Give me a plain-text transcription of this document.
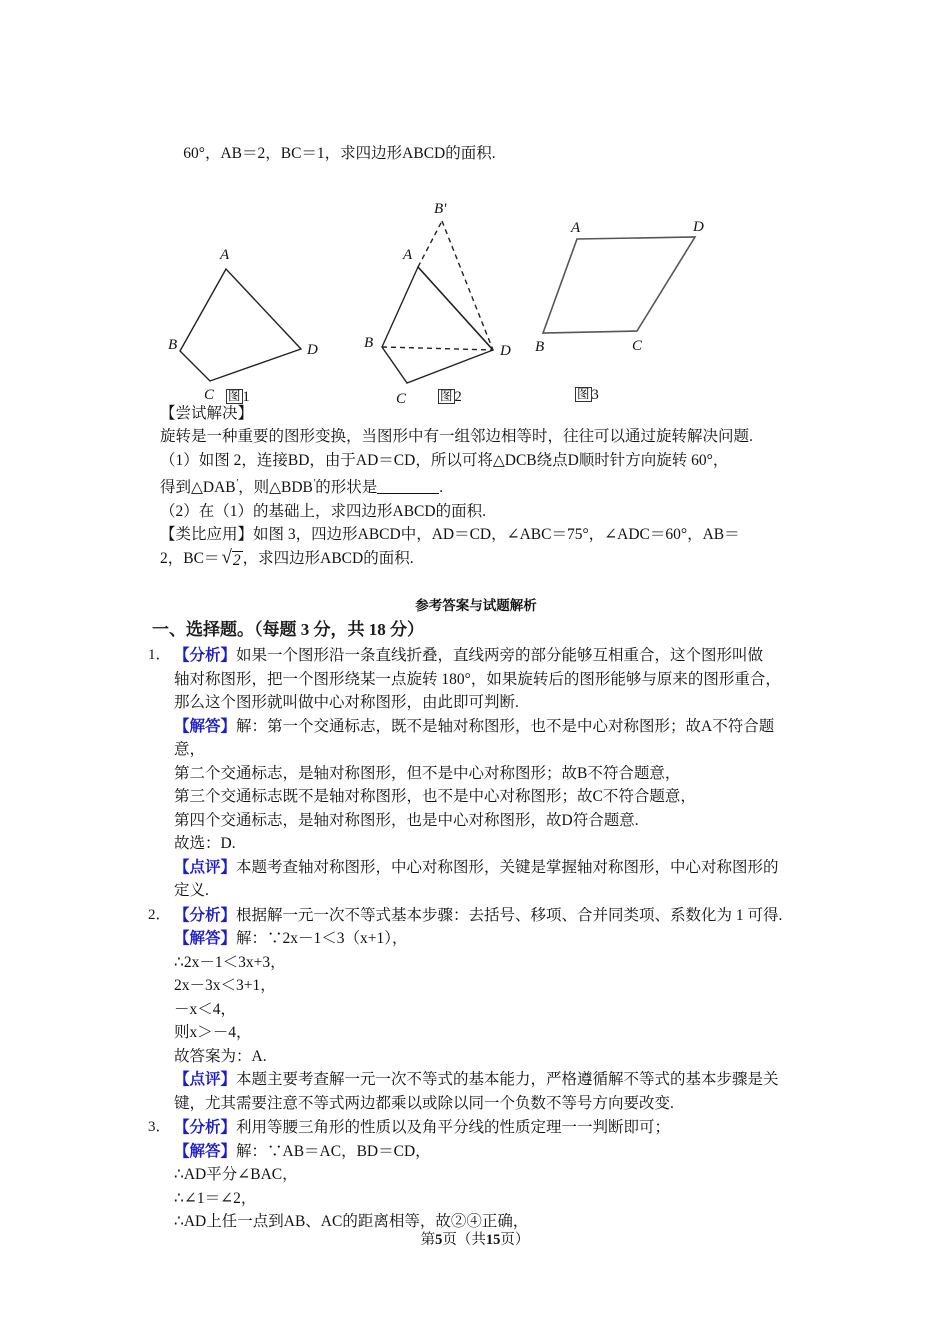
60°，AB＝2，BC＝1，求四边形ABCD的面积.

A
B
C
D
图 1
B'
A
B
C
D
图 2
A	D
B	C
图 3
【尝试解决】
旋转是一种重要的图形变换，当图形中有一组邻边相等时，往往可以通过旋转解决问题.
（1）如图 2，连接BD，由于AD＝CD，所以可将△DCB绕点D顺时针方向旋转 60°，
得到△DAB′，则△BDB′的形状是	.
（2）在（1）的基础上，求四边形ABCD的面积.
【类比应用】如图 3，四边形ABCD中，AD＝CD，∠ABC＝75°，∠ADC＝60°，AB＝
2，BC＝ √2 ，求四边形ABCD的面积.
参考答案与试题解析
一、选择题。（每题 3 分，共 18 分）
1． 【分析】如果一个图形沿一条直线折叠，直线两旁的部分能够互相重合，这个图形叫做
轴对称图形，把一个图形绕某一点旋转 180°，如果旋转后的图形能够与原来的图形重合，
那么这个图形就叫做中心对称图形，由此即可判断.
【解答】解：第一个交通标志，既不是轴对称图形，也不是中心对称图形；故A不符合题
意，
第二个交通标志，是轴对称图形，但不是中心对称图形；故B不符合题意，
第三个交通标志既不是轴对称图形，也不是中心对称图形；故C不符合题意，
第四个交通标志，是轴对称图形，也是中心对称图形，故D符合题意.
故选：D.
【点评】本题考查轴对称图形，中心对称图形，关键是掌握轴对称图形，中心对称图形的
定义.
2． 【分析】根据解一元一次不等式基本步骤：去括号、移项、合并同类项、系数化为 1 可得.
【解答】解：∵2x－1＜3（x+1），
∴2x－1＜3x+3，
2x－3x＜3+1，
－x＜4，
则x＞－4，
故答案为：A.
【点评】本题主要考查解一元一次不等式的基本能力，严格遵循解不等式的基本步骤是关
键，尤其需要注意不等式两边都乘以或除以同一个负数不等号方向要改变.
3． 【分析】利用等腰三角形的性质以及角平分线的性质定理一一判断即可；
【解答】解：∵AB＝AC，BD＝CD，
∴AD平分∠BAC，
∴∠1＝∠2，
∴AD上任一点到AB、AC的距离相等，故②④正确，
第5页（共15页）
